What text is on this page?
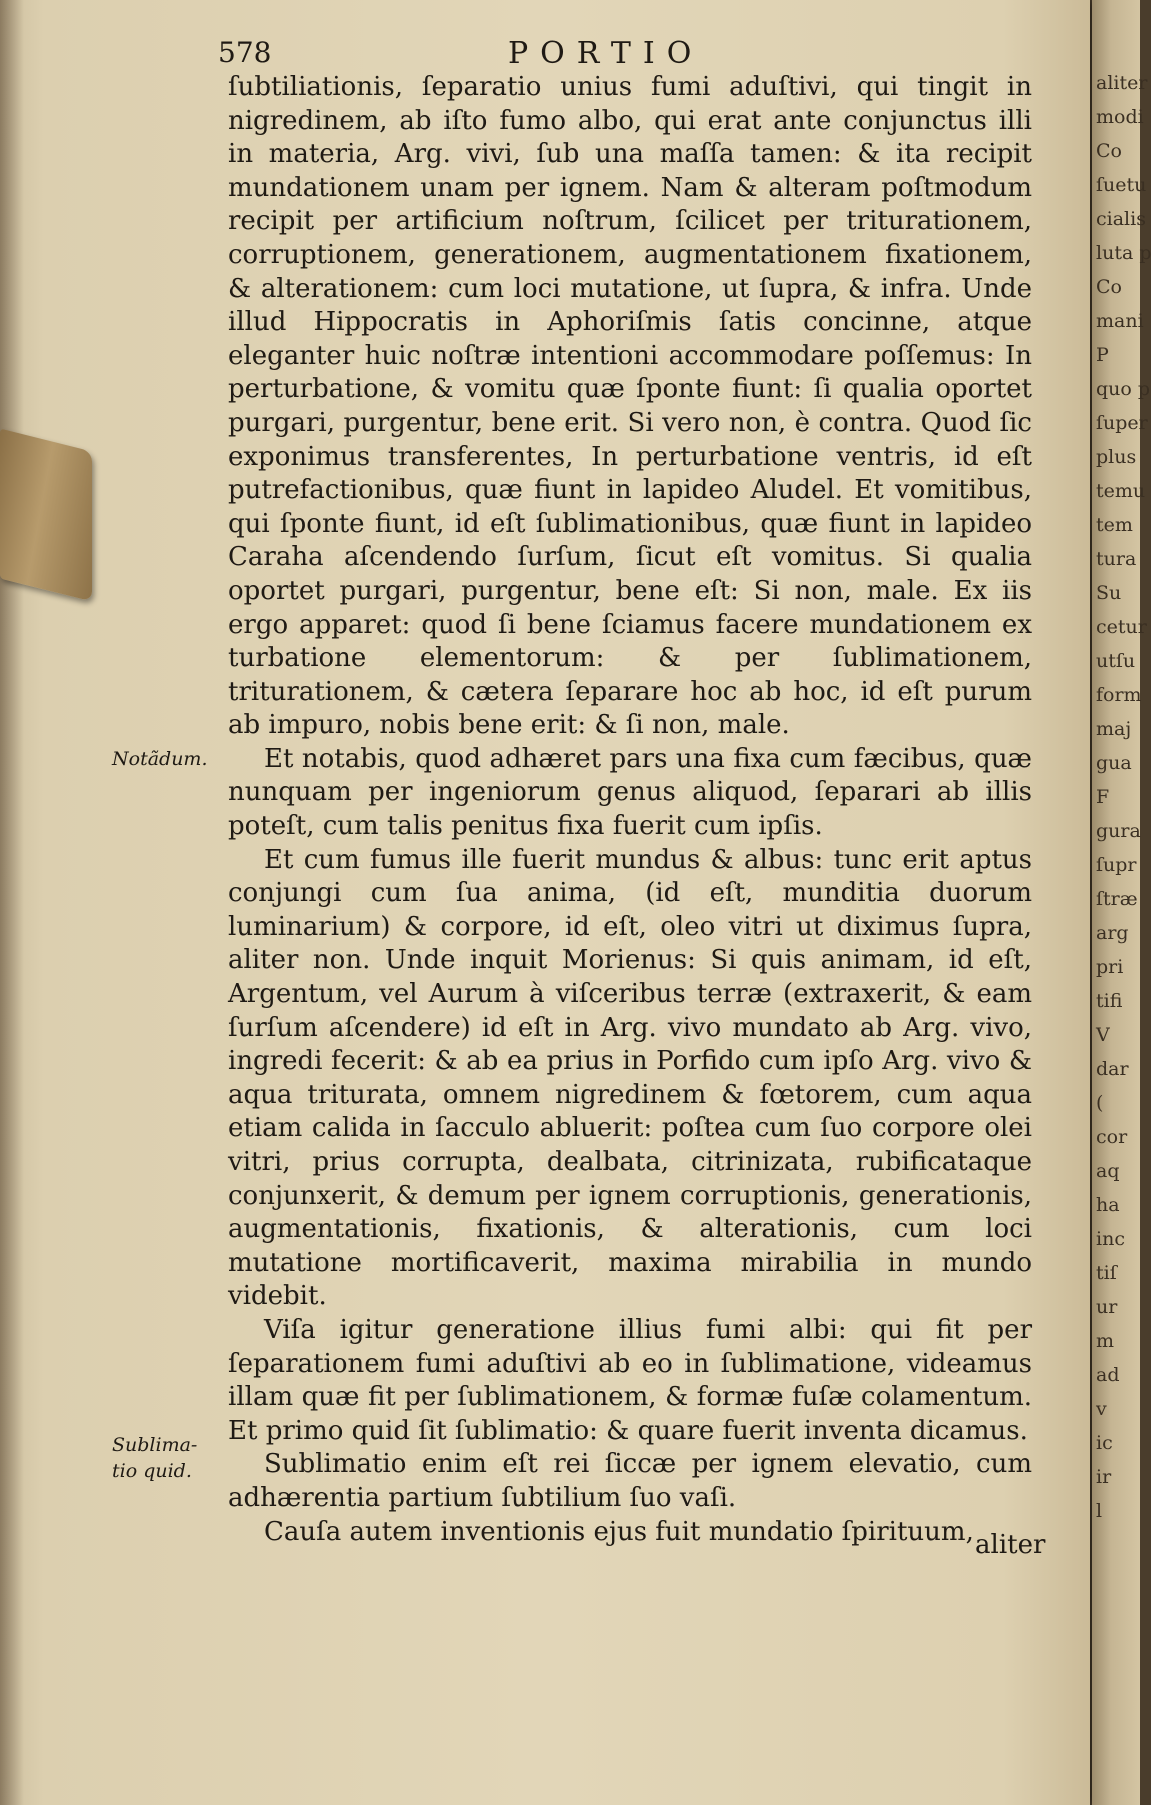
578	PORTIO
Notãdum.
Sublima-tio quid.

ſubtiliationis, ſeparatio unius fumi aduſtivi, qui tingit in nigredinem, ab iſto fumo albo, qui erat ante conjunctus illi in materia, Arg. vivi, ſub una maſſa tamen: & ita recipit mundationem unam per ignem. Nam & alteram poſtmodum recipit per artificium noſtrum, ſcilicet per triturationem, corruptionem, generationem, augmentationem fixationem, & alterationem: cum loci mutatione, ut ſupra, & infra. Unde illud Hippocratis in Aphoriſmis ſatis concinne, atque eleganter huic noſtræ intentioni accommodare poſſemus: In perturbatione, & vomitu quæ ſponte fiunt: ſi qualia oportet purgari, purgentur, bene erit. Si vero non, è contra. Quod ſic exponimus transferentes, In perturbatione ventris, id eſt putrefactionibus, quæ fiunt in lapideo Aludel. Et vomitibus, qui ſponte fiunt, id eſt ſublimationibus, quæ fiunt in lapideo Caraha aſcendendo ſurſum, ſicut eſt vomitus. Si qualia oportet purgari, purgentur, bene eſt: Si non, male. Ex iis ergo apparet: quod ſi bene ſciamus facere mundationem ex turbatione elementorum: & per ſublimationem, triturationem, & cætera ſeparare hoc ab hoc, id eſt purum ab impuro, nobis bene erit: & ſi non, male.

Et notabis, quod adhæret pars una fixa cum fæcibus, quæ nunquam per ingeniorum genus aliquod, ſeparari ab illis poteſt, cum talis penitus fixa fuerit cum ipſis.

Et cum fumus ille fuerit mundus & albus: tunc erit aptus conjungi cum ſua anima, (id eſt, munditia duorum luminarium) & corpore, id eſt, oleo vitri ut diximus ſupra, aliter non. Unde inquit Morienus: Si quis animam, id eſt, Argentum, vel Aurum à viſceribus terræ (extraxerit, & eam ſurſum aſcendere) id eſt in Arg. vivo mundato ab Arg. vivo, ingredi fecerit: & ab ea prius in Porfido cum ipſo Arg. vivo & aqua triturata, omnem nigredinem & fœtorem, cum aqua etiam calida in ſacculo abluerit: poſtea cum ſuo corpore olei vitri, prius corrupta, dealbata, citrinizata, rubificataque conjunxerit, & demum per ignem corruptionis, generationis, augmentationis, fixationis, & alterationis, cum loci mutatione mortificaverit, maxima mirabilia in mundo videbit.

Viſa igitur generatione illius fumi albi: qui fit per ſeparationem fumi aduſtivi ab eo in ſublimatione, videamus illam quæ fit per ſublimationem, & formæ fuſæ colamentum. Et primo quid ſit ſublimatio: & quare fuerit inventa dicamus.

Sublimatio enim eſt rei ſiccæ per ignem elevatio, cum adhærentia partium ſubtilium ſuo vaſi.

Cauſa autem inventionis ejus fuit mundatio ſpirituum, aliter
aliter
modi
Co
ſuetu
cialis
luta p
Co
mani
P
quo p
ſuper
plus
temu
tem
tura
Su
cetur
utſu
form
maj
gua
F
gura
ſupr
ſtræ
arg
pri
tifi
V
dar
(
cor
aq
ha
inc
tiſ
ur
m
ad
v
ic
ir
l
